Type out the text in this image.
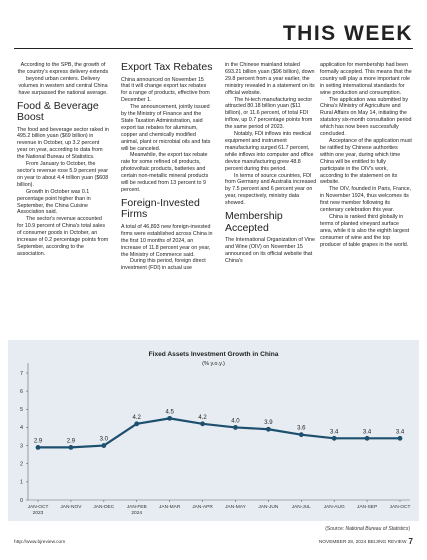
THIS WEEK

According to the SPB, the growth of the country's express delivery extends beyond urban centers. Delivery volumes in western and central China have surpassed the national average.

Food & Beverage Boost

The food and beverage sector raked in 495.2 billion yuan ($69 billion) in revenue in October, up 3.2 percent year on year, according to data from the National Bureau of Statistics.

From January to October, the sector's revenue rose 5.9 percent year on year to about 4.4 trillion yuan ($608 billion).

Growth in October was 0.1 percentage point higher than in September, the China Cuisine Association said.

The sector's revenue accounted for 10.9 percent of China's total sales of consumer goods in October, an increase of 0.2 percentage points from September, according to the association.

Export Tax Rebates

China announced on November 15 that it will change export tax rebates for a range of products, effective from December 1.

The announcement, jointly issued by the Ministry of Finance and the State Taxation Administration, said export tax rebates for aluminum, copper and chemically modified animal, plant or microbial oils and fats will be canceled.

Meanwhile, the export tax rebate rate for some refined oil products, photovoltaic products, batteries and certain non-metallic mineral products will be reduced from 13 percent to 9 percent.

Foreign-Invested Firms

A total of 46,893 new foreign-invested firms were established across China in the first 10 months of 2024, an increase of 11.8 percent year on year, the Ministry of Commerce said.

During this period, foreign direct investment (FDI) in actual use

in the Chinese mainland totaled 693.21 billion yuan ($96 billion), down 29.8 percent from a year earlier, the ministry revealed in a statement on its official website.

The hi-tech manufacturing sector attracted 80.18 billion yuan ($11 billion), or 11.6 percent, of total FDI inflow, up 0.7 percentage points from the same period of 2023.

Notably, FDI inflows into medical equipment and instrument manufacturing surged 61.7 percent, while inflows into computer and office device manufacturing grew 48.8 percent during this period.

In terms of source countries, FDI from Germany and Australia increased by 7.5 percent and 6 percent year on year, respectively, ministry data showed.

Membership Accepted

The International Organization of Vine and Wine (OIV) on November 15 announced on its official website that China's

application for membership had been formally accepted. This means that the country will play a more important role in setting international standards for wine production and consumption.

The application was submitted by China's Ministry of Agriculture and Rural Affairs on May 14, initiating the statutory six-month consultation period which has now been successfully concluded.

Acceptance of the application must be ratified by Chinese authorities within one year, during which time China will be entitled to fully participate in the OIV's work, according to the statement on its website.

The OIV, founded in Paris, France, in November 1924, thus welcomes its first new member following its centenary celebration this year.

China is ranked third globally in terms of planted vineyard surface area, while it is also the eighth largest consumer of wine and the top producer of table grapes in the world.

0
1
2
3
4
5
6
7
JAN-OCT 2023
JAN-NOV JAN-DEC	JAN-FEB 2024
JAN-MAR JAN-APR	JAN-MAY	JAN-JUN	JAN-JUL	JAN-AUG	JAN-SEP	JAN-OCT
2.9	2.9	3.0
4.2
4.5
4.2
4.0	3.9
3.6
3.4	3.4	3.4
Fixed Assets Investment Growth in China
(% y.o.y.)
(Source: National Bureau of Statistics)
http://www.bjreview.com	NOVEMBER 28, 2024 BEIJING REVIEW 7
